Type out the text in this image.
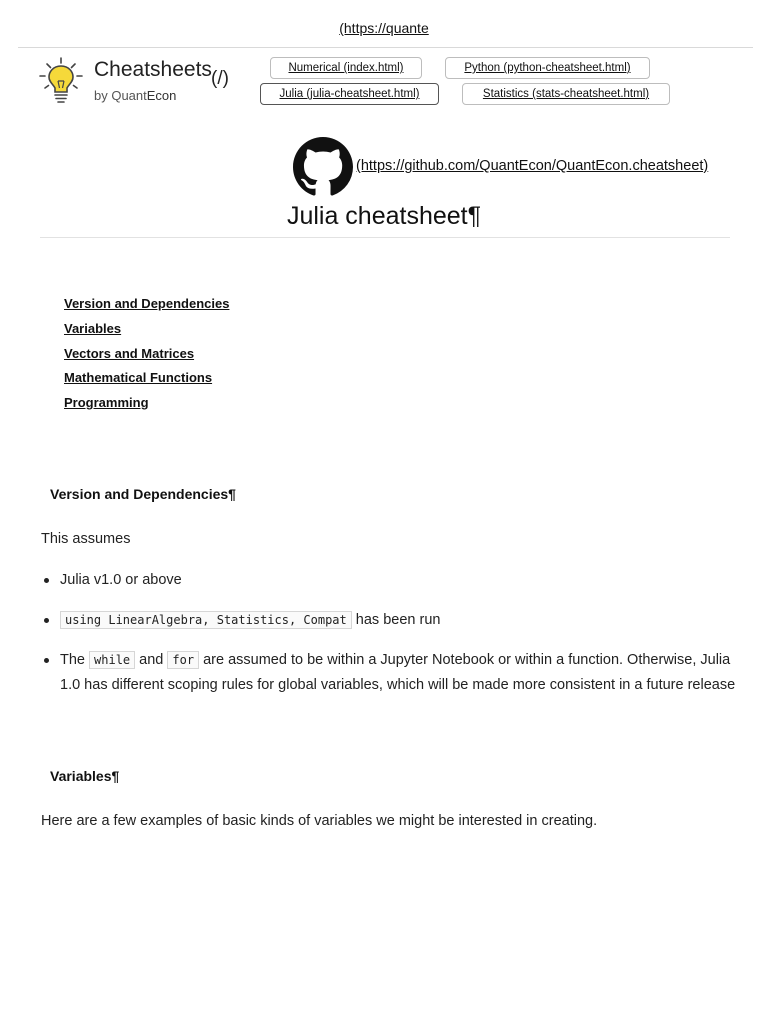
(https://quante
Cheatsheets (/)
by QuantEcon
Numerical (index.html)	Python (python-cheatsheet.html)
Julia (julia-cheatsheet.html)	Statistics (stats-cheatsheet.html)
(https://github.com/QuantEcon/QuantEcon.cheatsheet)
Julia cheatsheet¶
Version and Dependencies
Variables
Vectors and Matrices
Mathematical Functions
Programming
Version and Dependencies¶
This assumes
Julia v1.0 or above
using LinearAlgebra, Statistics, Compat has been run
The while and for are assumed to be within a Jupyter Notebook or within a function. Otherwise, Julia 1.0 has different scoping rules for global variables, which will be made more consistent in a future release
Variables¶
Here are a few examples of basic kinds of variables we might be interested in creating.
